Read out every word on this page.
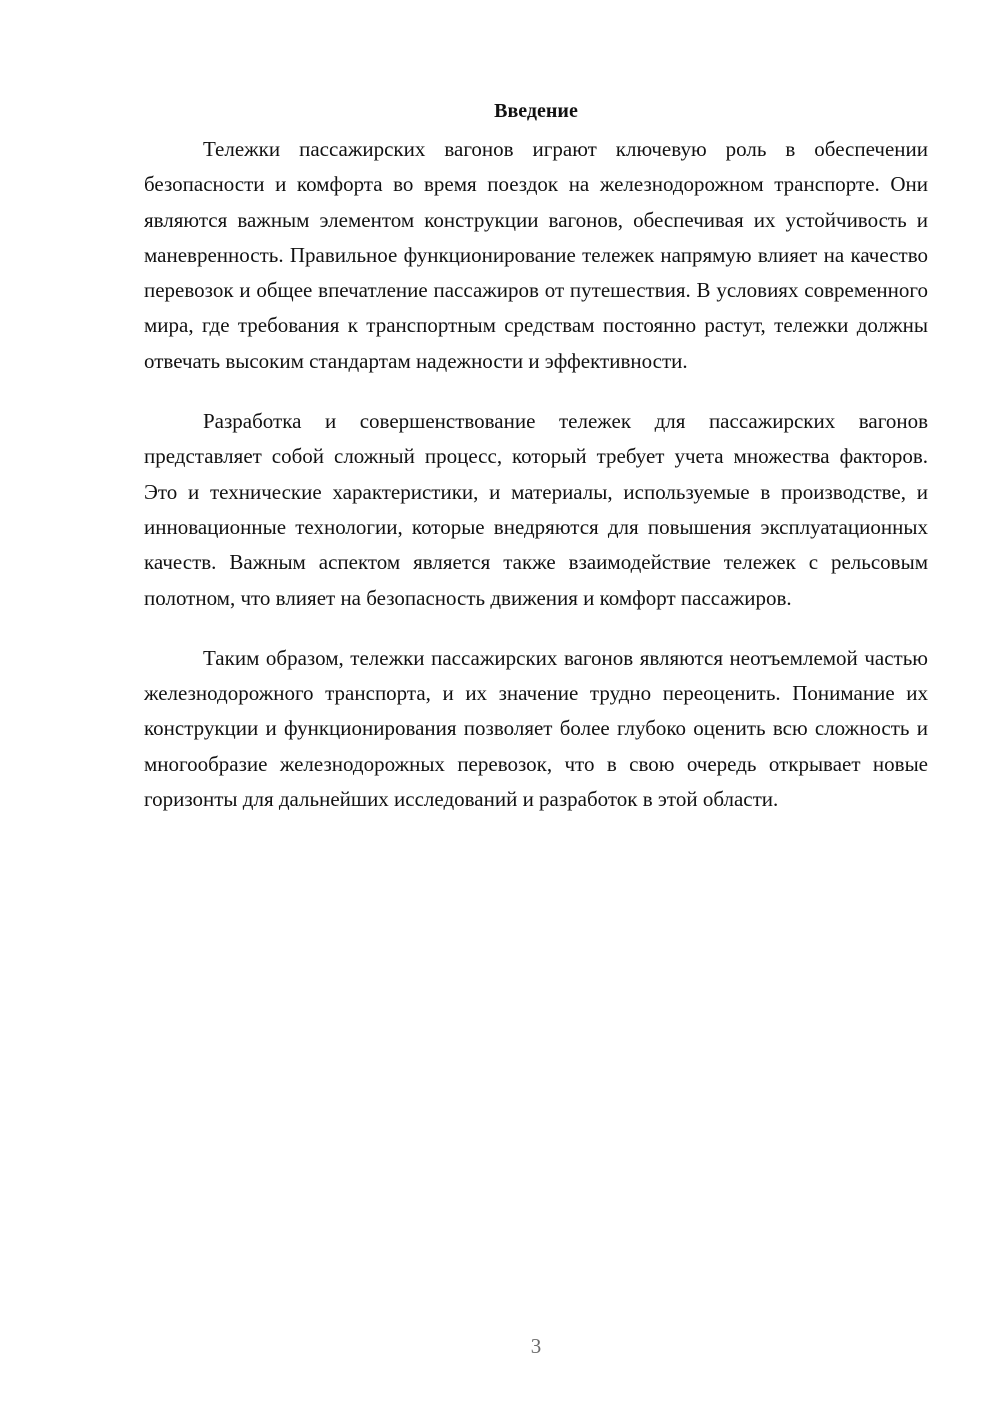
Введение

Тележки пассажирских вагонов играют ключевую роль в обеспечении безопасности и комфорта во время поездок на железнодорожном транспорте. Они являются важным элементом конструкции вагонов, обеспечивая их устойчивость и маневренность. Правильное функционирование тележек напрямую влияет на качество перевозок и общее впечатление пассажиров от путешествия. В условиях современного мира, где требования к транспортным средствам постоянно растут, тележки должны отвечать высоким стандартам надежности и эффективности.

Разработка и совершенствование тележек для пассажирских вагонов представляет собой сложный процесс, который требует учета множества факторов. Это и технические характеристики, и материалы, используемые в производстве, и инновационные технологии, которые внедряются для повышения эксплуатационных качеств. Важным аспектом является также взаимодействие тележек с рельсовым полотном, что влияет на безопасность движения и комфорт пассажиров.

Таким образом, тележки пассажирских вагонов являются неотъемлемой частью железнодорожного транспорта, и их значение трудно переоценить. Понимание их конструкции и функционирования позволяет более глубоко оценить всю сложность и многообразие железнодорожных перевозок, что в свою очередь открывает новые горизонты для дальнейших исследований и разработок в этой области.

3
